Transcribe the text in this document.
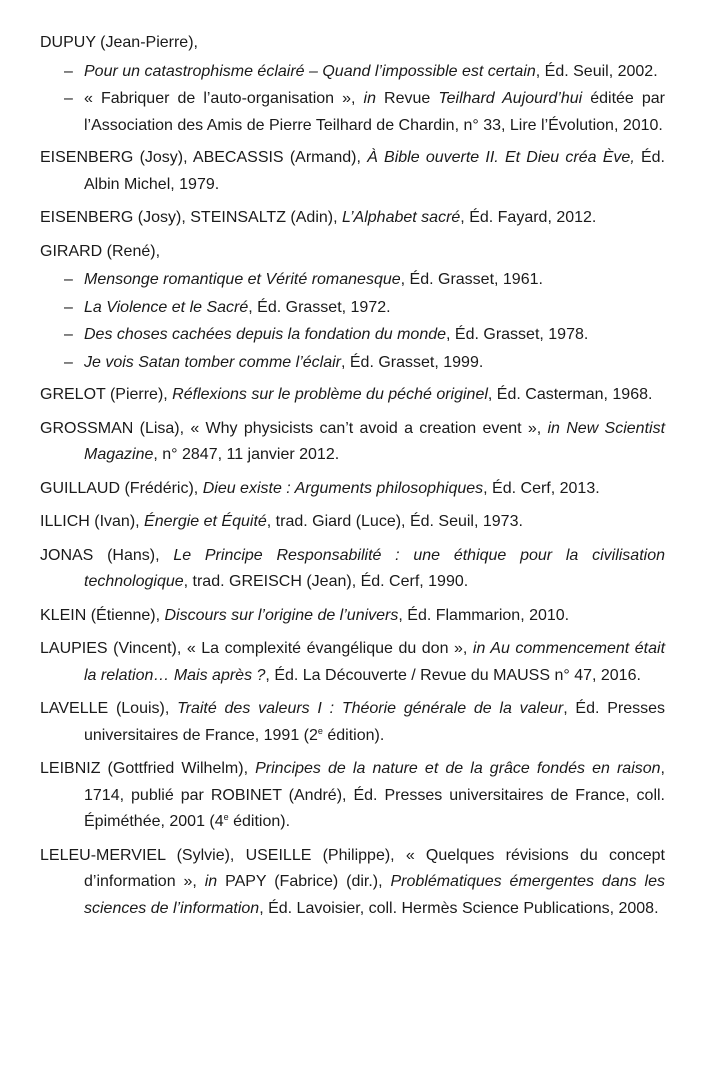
DUPUY (Jean-Pierre),

– Pour un catastrophisme éclairé – Quand l’impossible est certain, Éd. Seuil, 2002.
– « Fabriquer de l’auto-organisation », in Revue Teilhard Aujourd’hui éditée par l’Association des Amis de Pierre Teilhard de Chardin, n° 33, Lire l’Évolution, 2010.

EISENBERG (Josy), ABECASSIS (Armand), À Bible ouverte II. Et Dieu créa Ève, Éd. Albin Michel, 1979.

EISENBERG (Josy), STEINSALTZ (Adin), L’Alphabet sacré, Éd. Fayard, 2012.

GIRARD (René),

– Mensonge romantique et Vérité romanesque, Éd. Grasset, 1961.
– La Violence et le Sacré, Éd. Grasset, 1972.
– Des choses cachées depuis la fondation du monde, Éd. Grasset, 1978.
– Je vois Satan tomber comme l’éclair, Éd. Grasset, 1999.

GRELOT (Pierre), Réflexions sur le problème du péché originel, Éd. Casterman, 1968.

GROSSMAN (Lisa), « Why physicists can’t avoid a creation event », in New Scientist Magazine, n° 2847, 11 janvier 2012.

GUILLAUD (Frédéric), Dieu existe : Arguments philosophiques, Éd. Cerf, 2013.

ILLICH (Ivan), Énergie et Équité, trad. Giard (Luce), Éd. Seuil, 1973.

JONAS (Hans), Le Principe Responsabilité : une éthique pour la civilisation technologique, trad. GREISCH (Jean), Éd. Cerf, 1990.

KLEIN (Étienne), Discours sur l’origine de l’univers, Éd. Flammarion, 2010.

LAUPIES (Vincent), « La complexité évangélique du don », in Au commencement était la relation… Mais après ?, Éd. La Découverte / Revue du MAUSS n° 47, 2016.

LAVELLE (Louis), Traité des valeurs I : Théorie générale de la valeur, Éd. Presses universitaires de France, 1991 (2e édition).

LEIBNIZ (Gottfried Wilhelm), Principes de la nature et de la grâce fondés en raison, 1714, publié par ROBINET (André), Éd. Presses universitaires de France, coll. Épiméthée, 2001 (4e édition).

LELEU-MERVIEL (Sylvie), USEILLE (Philippe), « Quelques révisions du concept d’information », in PAPY (Fabrice) (dir.), Problématiques émergentes dans les sciences de l’information, Éd. Lavoisier, coll. Hermès Science Publications, 2008.
